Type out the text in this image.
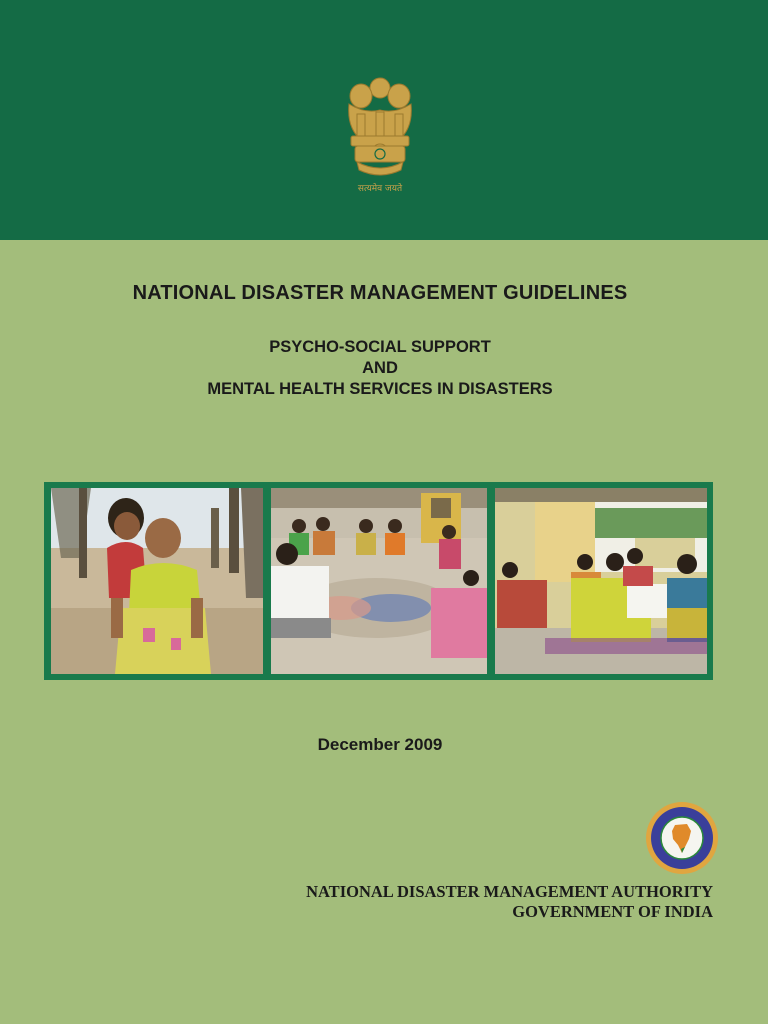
सत्यमेव जयते
NATIONAL DISASTER MANAGEMENT GUIDELINES
PSYCHO-SOCIAL SUPPORT
AND
MENTAL HEALTH SERVICES IN DISASTERS
December 2009
NATIONAL DISASTER MANAGEMENT AUTHORITY
GOVERNMENT OF INDIA
